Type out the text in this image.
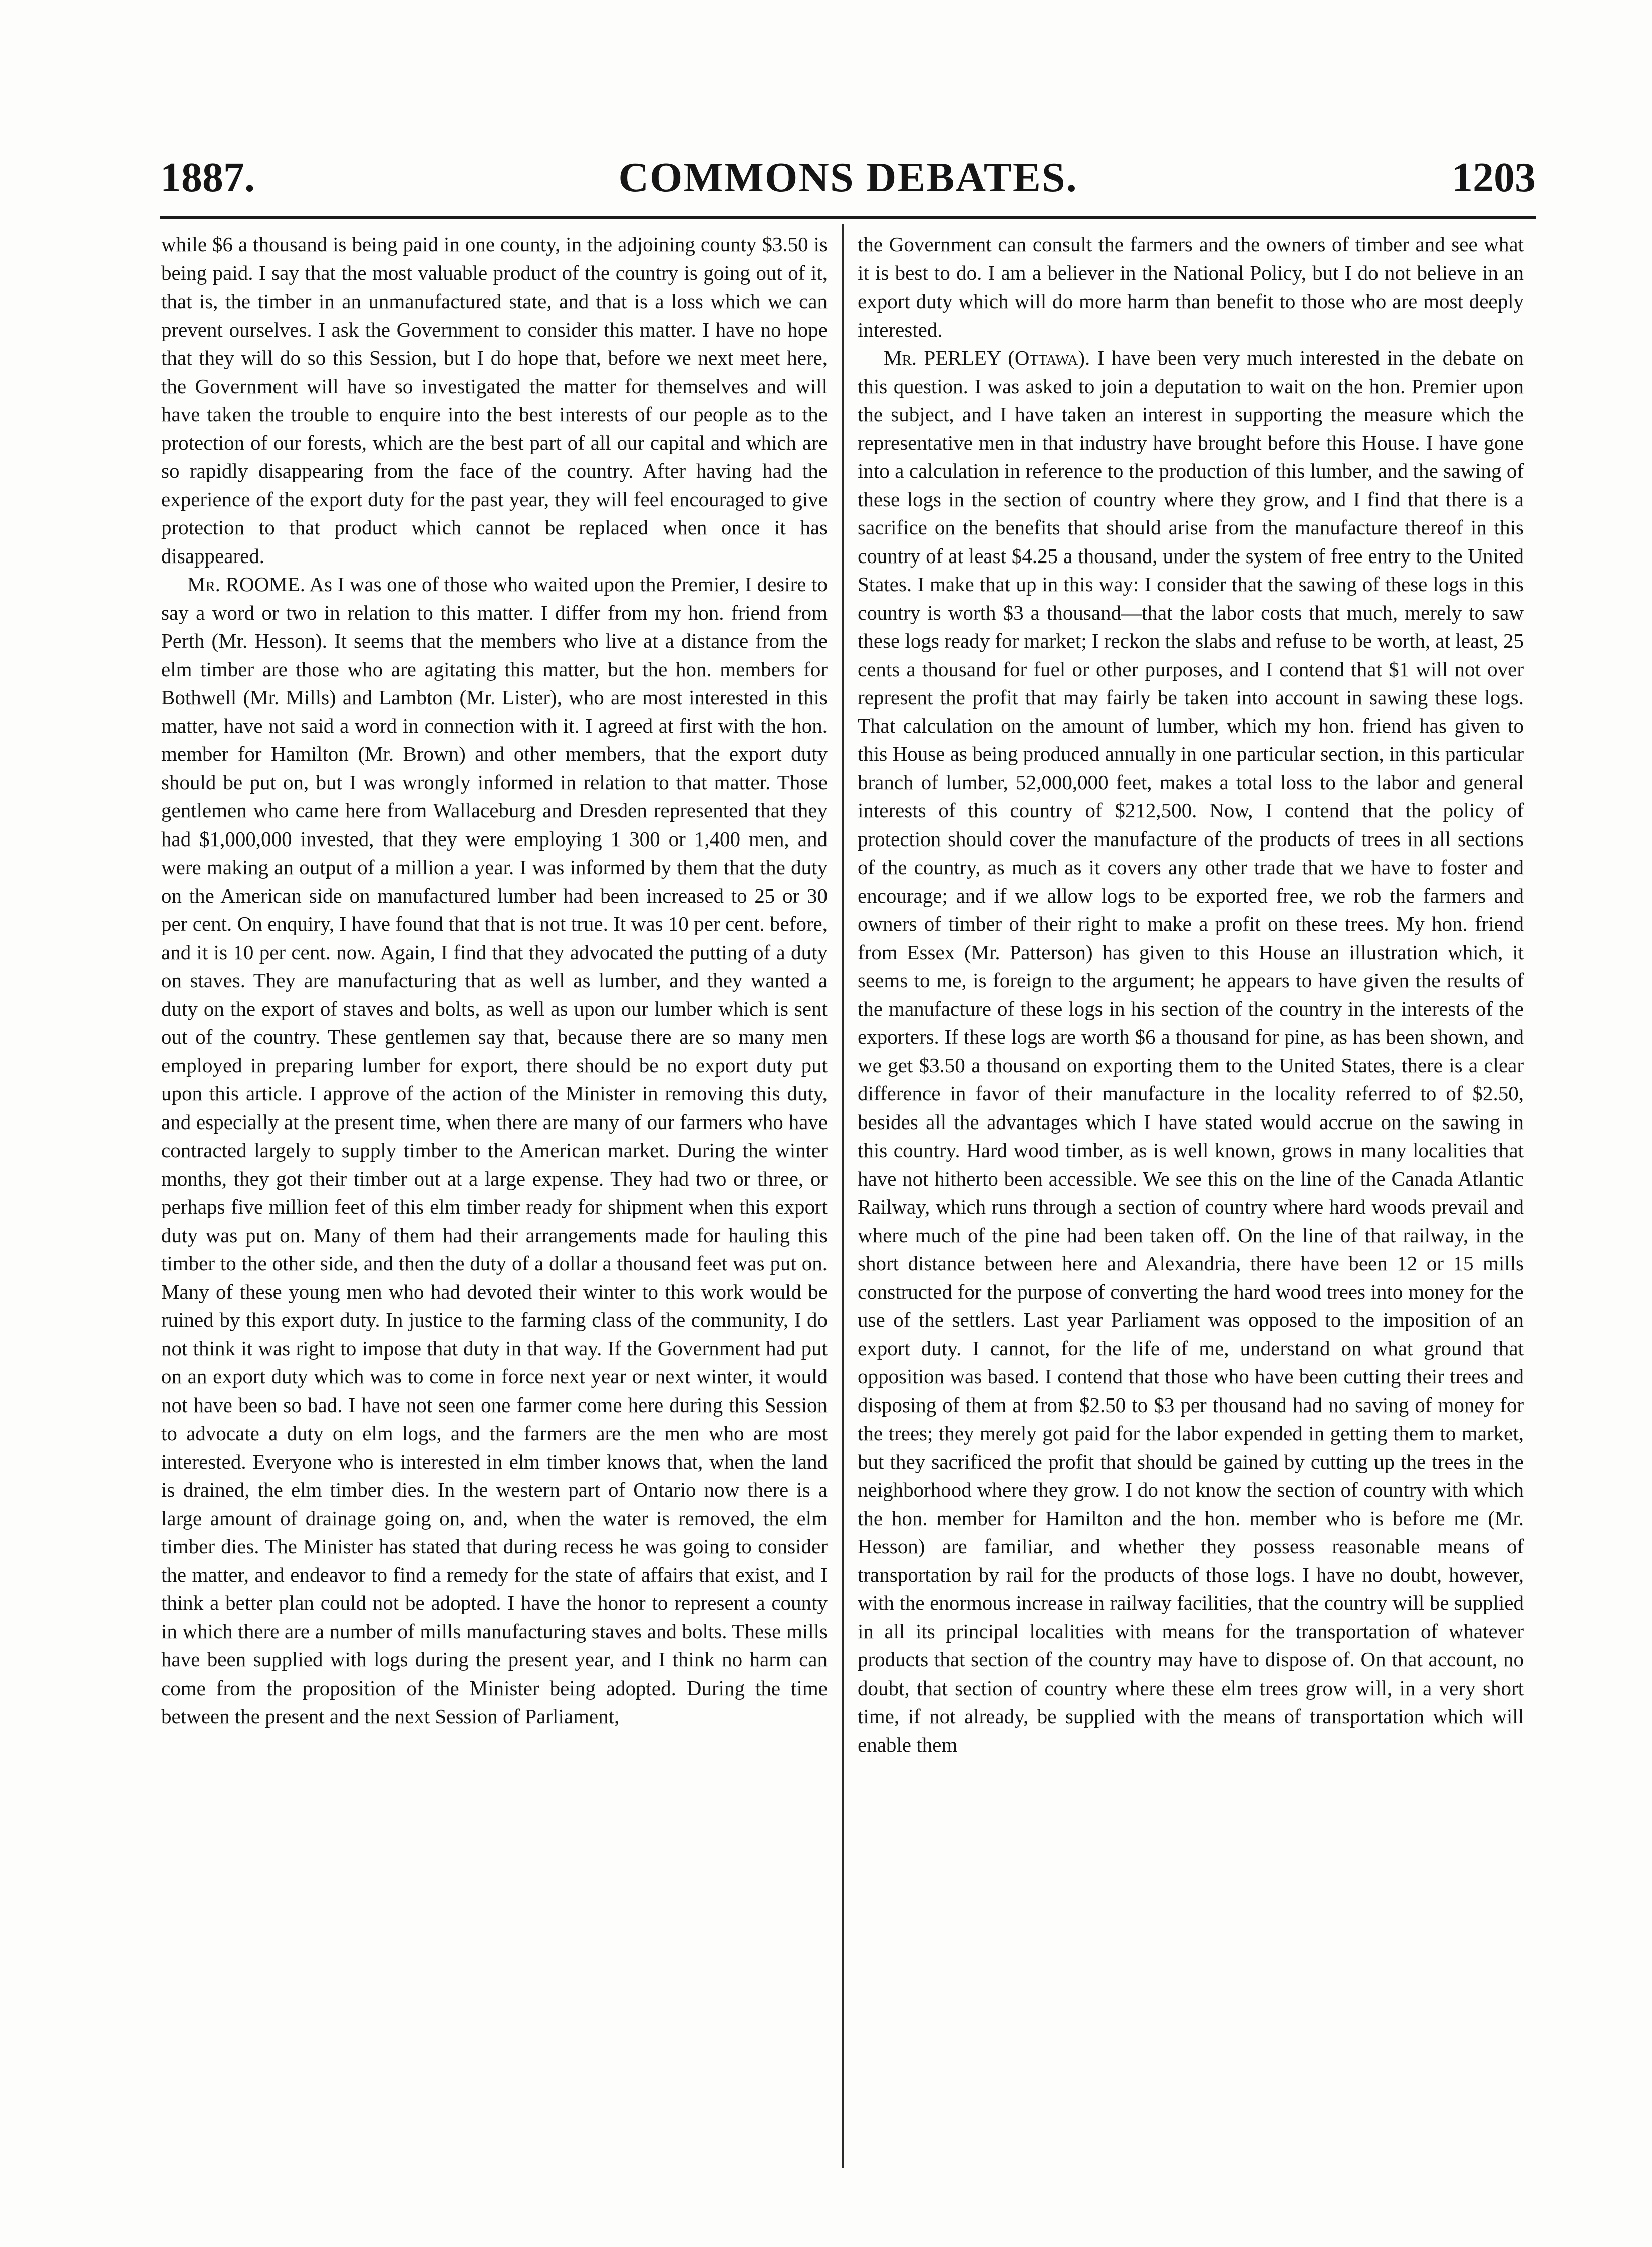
1887.	COMMONS DEBATES.	1203

while $6 a thousand is being paid in one county, in the adjoining county $3.50 is being paid. I say that the most valuable product of the country is going out of it, that is, the timber in an unmanufactured state, and that is a loss which we can prevent ourselves. I ask the Government to consider this matter. I have no hope that they will do so this Session, but I do hope that, before we next meet here, the Government will have so investigated the matter for themselves and will have taken the trouble to enquire into the best interests of our people as to the protection of our forests, which are the best part of all our capital and which are so rapidly disappearing from the face of the country. After having had the experience of the export duty for the past year, they will feel encouraged to give protection to that product which cannot be replaced when once it has disappeared.

Mr. ROOME. As I was one of those who waited upon the Premier, I desire to say a word or two in relation to this matter. I differ from my hon. friend from Perth (Mr. Hesson). It seems that the members who live at a distance from the elm timber are those who are agitating this matter, but the hon. members for Bothwell (Mr. Mills) and Lambton (Mr. Lister), who are most interested in this matter, have not said a word in connection with it. I agreed at first with the hon. member for Hamilton (Mr. Brown) and other members, that the export duty should be put on, but I was wrongly informed in relation to that matter. Those gentlemen who came here from Wallaceburg and Dresden represented that they had $1,000,000 invested, that they were employing 1 300 or 1,400 men, and were making an output of a million a year. I was informed by them that the duty on the American side on manufactured lumber had been increased to 25 or 30 per cent. On enquiry, I have found that that is not true. It was 10 per cent. before, and it is 10 per cent. now. Again, I find that they advocated the putting of a duty on staves. They are manufacturing that as well as lumber, and they wanted a duty on the export of staves and bolts, as well as upon our lumber which is sent out of the country. These gentlemen say that, because there are so many men employed in preparing lumber for export, there should be no export duty put upon this article. I approve of the action of the Minister in removing this duty, and especially at the present time, when there are many of our farmers who have contracted largely to supply timber to the American market. During the winter months, they got their timber out at a large expense. They had two or three, or perhaps five million feet of this elm timber ready for shipment when this export duty was put on. Many of them had their arrangements made for hauling this timber to the other side, and then the duty of a dollar a thousand feet was put on. Many of these young men who had devoted their winter to this work would be ruined by this export duty. In justice to the farming class of the community, I do not think it was right to impose that duty in that way. If the Government had put on an export duty which was to come in force next year or next winter, it would not have been so bad. I have not seen one farmer come here during this Session to advocate a duty on elm logs, and the farmers are the men who are most interested. Everyone who is interested in elm timber knows that, when the land is drained, the elm timber dies. In the western part of Ontario now there is a large amount of drainage going on, and, when the water is removed, the elm timber dies. The Minister has stated that during recess he was going to consider the matter, and endeavor to find a remedy for the state of affairs that exist, and I think a better plan could not be adopted. I have the honor to represent a county in which there are a number of mills manufacturing staves and bolts. These mills have been supplied with logs during the present year, and I think no harm can come from the proposition of the Minister being adopted. During the time between the present and the next Session of Parliament,

the Government can consult the farmers and the owners of timber and see what it is best to do. I am a believer in the National Policy, but I do not believe in an export duty which will do more harm than benefit to those who are most deeply interested.

Mr. PERLEY (Ottawa). I have been very much interested in the debate on this question. I was asked to join a deputation to wait on the hon. Premier upon the subject, and I have taken an interest in supporting the measure which the representative men in that industry have brought before this House. I have gone into a calculation in reference to the production of this lumber, and the sawing of these logs in the section of country where they grow, and I find that there is a sacrifice on the benefits that should arise from the manufacture thereof in this country of at least $4.25 a thousand, under the system of free entry to the United States. I make that up in this way: I consider that the sawing of these logs in this country is worth $3 a thousand—that the labor costs that much, merely to saw these logs ready for market; I reckon the slabs and refuse to be worth, at least, 25 cents a thousand for fuel or other purposes, and I contend that $1 will not over represent the profit that may fairly be taken into account in sawing these logs. That calculation on the amount of lumber, which my hon. friend has given to this House as being produced annually in one particular section, in this particular branch of lumber, 52,000,000 feet, makes a total loss to the labor and general interests of this country of $212,500. Now, I contend that the policy of protection should cover the manufacture of the products of trees in all sections of the country, as much as it covers any other trade that we have to foster and encourage; and if we allow logs to be exported free, we rob the farmers and owners of timber of their right to make a profit on these trees. My hon. friend from Essex (Mr. Patterson) has given to this House an illustration which, it seems to me, is foreign to the argument; he appears to have given the results of the manufacture of these logs in his section of the country in the interests of the exporters. If these logs are worth $6 a thousand for pine, as has been shown, and we get $3.50 a thousand on exporting them to the United States, there is a clear difference in favor of their manufacture in the locality referred to of $2.50, besides all the advantages which I have stated would accrue on the sawing in this country. Hard wood timber, as is well known, grows in many localities that have not hitherto been accessible. We see this on the line of the Canada Atlantic Railway, which runs through a section of country where hard woods prevail and where much of the pine had been taken off. On the line of that railway, in the short distance between here and Alexandria, there have been 12 or 15 mills constructed for the purpose of converting the hard wood trees into money for the use of the settlers. Last year Parliament was opposed to the imposition of an export duty. I cannot, for the life of me, understand on what ground that opposition was based. I contend that those who have been cutting their trees and disposing of them at from $2.50 to $3 per thousand had no saving of money for the trees; they merely got paid for the labor expended in getting them to market, but they sacrificed the profit that should be gained by cutting up the trees in the neighborhood where they grow. I do not know the section of country with which the hon. member for Hamilton and the hon. member who is before me (Mr. Hesson) are familiar, and whether they possess reasonable means of transportation by rail for the products of those logs. I have no doubt, however, with the enormous increase in railway facilities, that the country will be supplied in all its principal localities with means for the transportation of whatever products that section of the country may have to dispose of. On that account, no doubt, that section of country where these elm trees grow will, in a very short time, if not already, be supplied with the means of transportation which will enable them
